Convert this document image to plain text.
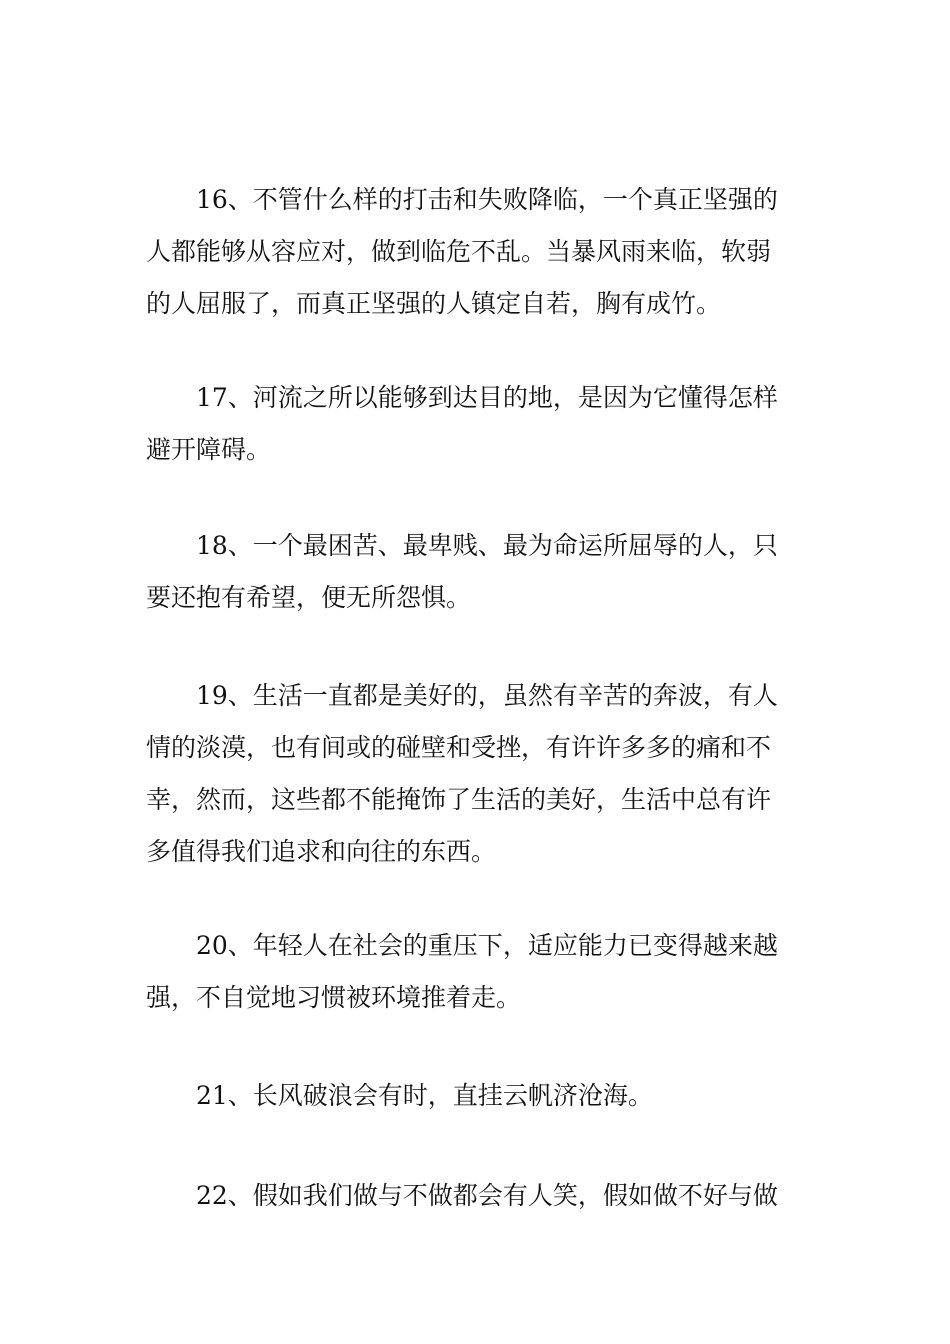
16、不管什么样的打击和失败降临，一个真正坚强的
人都能够从容应对，做到临危不乱。当暴风雨来临，软弱
的人屈服了，而真正坚强的人镇定自若，胸有成竹。
17、河流之所以能够到达目的地，是因为它懂得怎样
避开障碍。
18、一个最困苦、最卑贱、最为命运所屈辱的人，只
要还抱有希望，便无所怨惧。
19、生活一直都是美好的，虽然有辛苦的奔波，有人
情的淡漠，也有间或的碰壁和受挫，有许许多多的痛和不
幸，然而，这些都不能掩饰了生活的美好，生活中总有许
多值得我们追求和向往的东西。
20、年轻人在社会的重压下，适应能力已变得越来越
强，不自觉地习惯被环境推着走。
21、长风破浪会有时，直挂云帆济沧海。
22、假如我们做与不做都会有人笑，假如做不好与做
